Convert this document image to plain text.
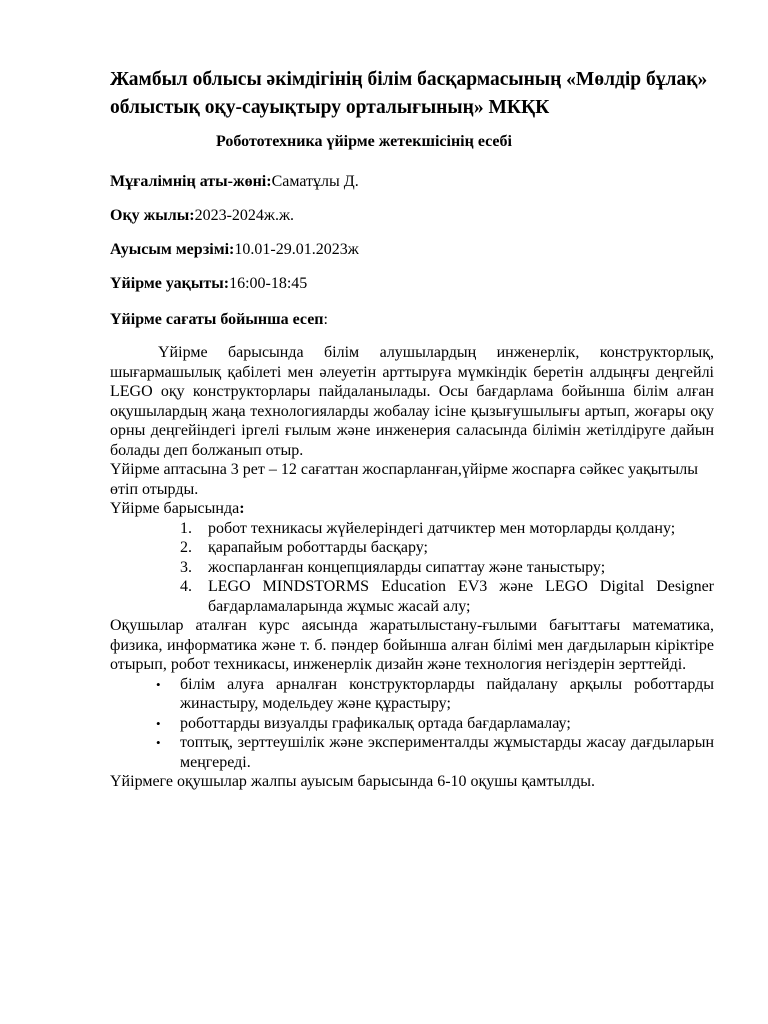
Жамбыл облысы әкімдігінің білім басқармасының «Мөлдір бұлақ» облыстық оқу-сауықтыру орталығының» МКҚК
Робототехника үйірме жетекшісінің есебі
Мұғалімнің аты-жөні:Саматұлы Д.
Оқу жылы:2023-2024ж.ж.
Ауысым мерзімі:10.01-29.01.2023ж
Үйірме уақыты:16:00-18:45
Үйірме сағаты бойынша есеп:

Үйірме барысында білім алушылардың инженерлік, конструкторлық, шығармашылық қабілеті мен әлеуетін арттыруға мүмкіндік беретін алдыңғы деңгейлі LEGO оқу конструкторлары пайдаланылады. Осы бағдарлама бойынша білім алған оқушылардың жаңа технологияларды жобалау ісіне қызығушылығы артып, жоғары оқу орны деңгейіндегі іргелі ғылым және инженерия саласында білімін жетілдіруге дайын болады деп болжанып отыр.

Үйірме аптасына 3 рет – 12 сағаттан жоспарланған,үйірме жоспарға сәйкес уақытылы өтіп отырды.

Үйірме барысында:

1. робот техникасы жүйелеріндегі датчиктер мен моторларды қолдану;
2. қарапайым роботтарды басқару;
3. жоспарланған концепцияларды сипаттау және таныстыру;
4. LEGO MINDSTORMS Education EV3 және LEGO Digital Designer бағдарламаларында жұмыс жасай алу;

Оқушылар аталған курс аясында жаратылыстану-ғылыми бағыттағы математика, физика, информатика және т. б. пәндер бойынша алған білімі мен дағдыларын кіріктіре отырып, робот техникасы, инженерлік дизайн және технология негіздерін зерттейді.

• білім алуға арналған конструкторларды пайдалану арқылы роботтарды жинастыру, модельдеу және құрастыру;
• роботтарды визуалды графикалық ортада бағдарламалау;
• топтық, зерттеушілік және эксперименталды жұмыстарды жасау дағдыларын меңгереді.

Үйірмеге оқушылар жалпы ауысым барысында 6-10 оқушы қамтылды.
